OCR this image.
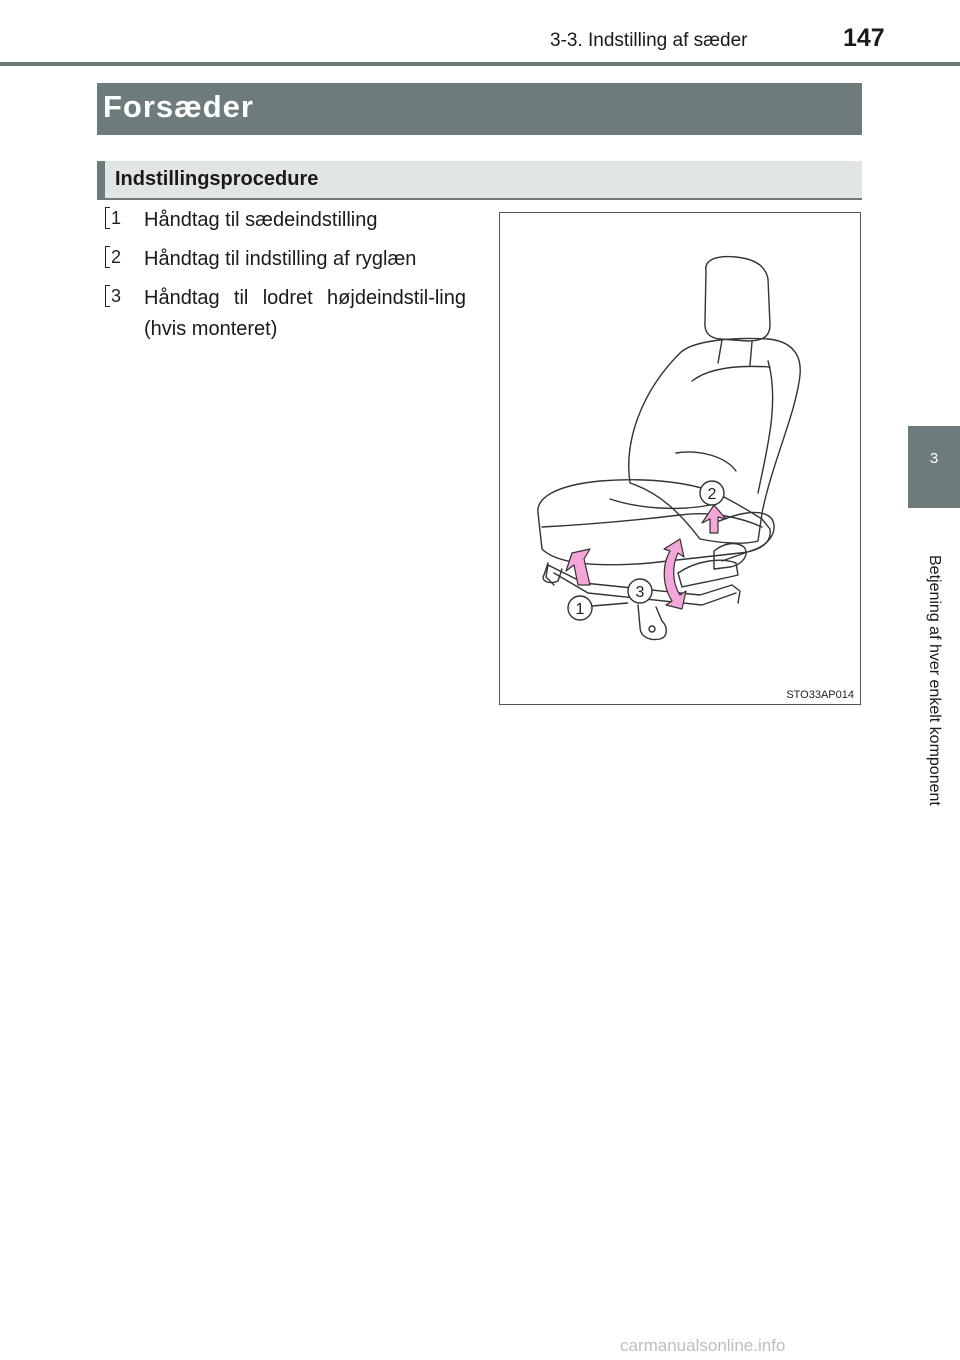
3-3. Indstilling af sæder	147
3
Betjening af hver enkelt komponent
Forsæder
Indstillingsprocedure
1 Håndtag til sædeindstilling
2 Håndtag til indstilling af ryglæn
3 Håndtag til lodret højdeindstil-ling (hvis monteret)
1
2
3
STO33AP014
carmanualsonline.info
